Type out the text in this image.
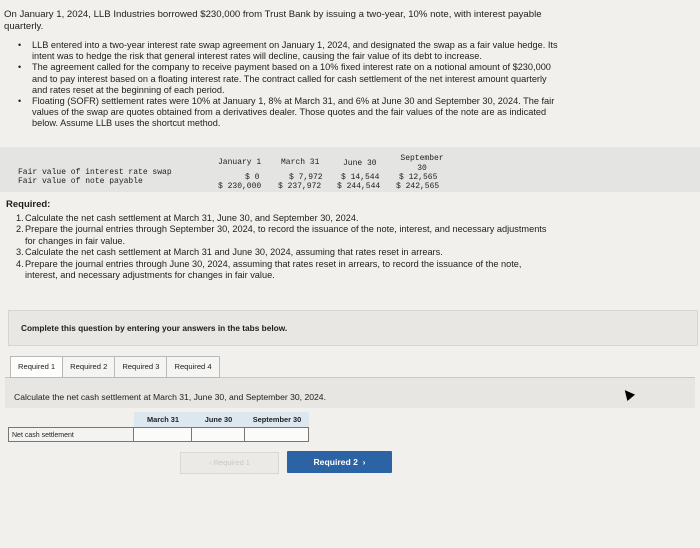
On January 1, 2024, LLB Industries borrowed $230,000 from Trust Bank by issuing a two-year, 10% note, with interest payable

quarterly.

•	LLB entered into a two-year interest rate swap agreement on January 1, 2024, and designated the swap as a fair value hedge. Its
intent was to hedge the risk that general interest rates will decline, causing the fair value of its debt to increase.
•	The agreement called for the company to receive payment based on a 10% fixed interest rate on a notional amount of $230,000
and to pay interest based on a floating interest rate. The contract called for cash settlement of the net interest amount quarterly
and rates reset at the beginning of each period.
•	Floating (SOFR) settlement rates were 10% at January 1, 8% at March 31, and 6% at June 30 and September 30, 2024. The fair
values of the swap are quotes obtained from a derivatives dealer. Those quotes and the fair values of the note are as indicated
below. Assume LLB uses the shortcut method.
Fair value of interest rate swap
Fair value of note payable
January 1 March 31	June 30
September
30
$ 0	$ 7,972 $ 14,544 $ 12,565
$ 230,000 $ 237,972 $ 244,544 $ 242,565
Required:
1. Calculate the net cash settlement at March 31, June 30, and September 30, 2024.
2. Prepare the journal entries through September 30, 2024, to record the issuance of the note, interest, and necessary adjustments
for changes in fair value.
3. Calculate the net cash settlement at March 31 and June 30, 2024, assuming that rates reset in arrears.
4. Prepare the journal entries through June 30, 2024, assuming that rates reset in arrears, to record the issuance of the note,
interest, and necessary adjustments for changes in fair value.
Complete this question by entering your answers in the tabs below.
Required 1	Required 2	Required 3	Required 4
Calculate the net cash settlement at March 31, June 30, and September 30, 2024.
March 31	June 30	September 30
Net cash settlement
‹ Required 1	Required 2  ›
